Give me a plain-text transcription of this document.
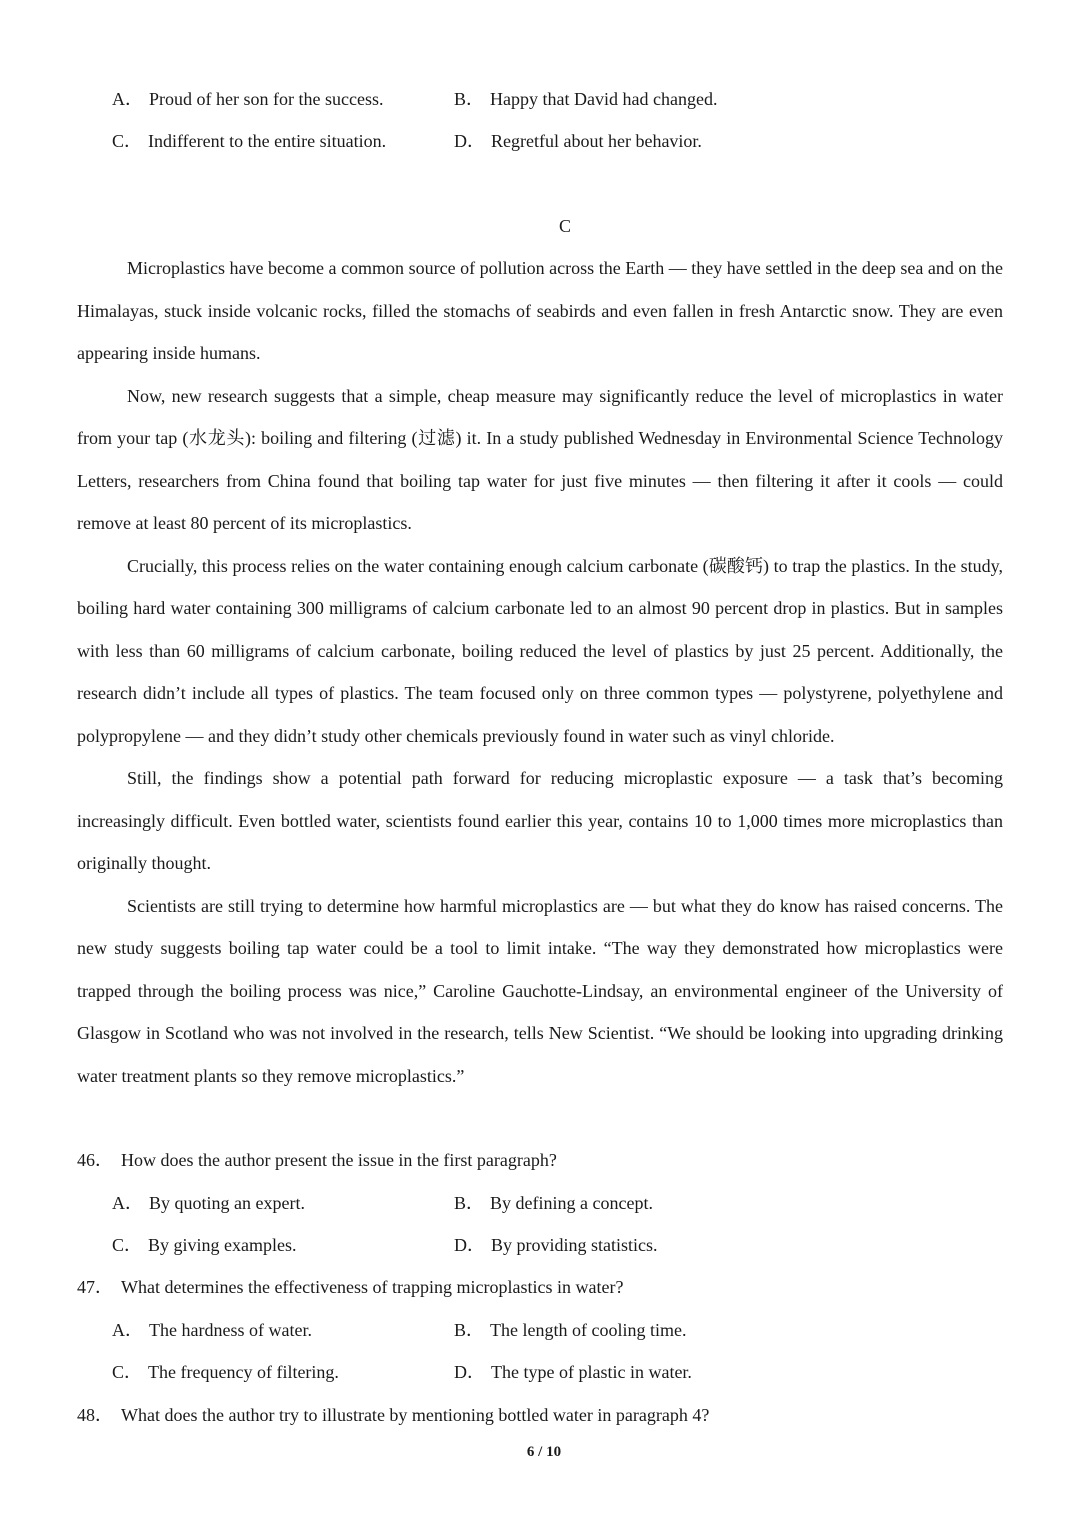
A． Proud of her son for the success.	B． Happy that David had changed.
C． Indifferent to the entire situation.	D． Regretful about her behavior.
C

Microplastics have become a common source of pollution across the Earth — they have settled in the deep sea and on the Himalayas, stuck inside volcanic rocks, filled the stomachs of seabirds and even fallen in fresh Antarctic snow. They are even appearing inside humans.

Now, new research suggests that a simple, cheap measure may significantly reduce the level of microplastics in water from your tap (水龙头): boiling and filtering (过滤) it. In a study published Wednesday in Environmental Science Technology Letters, researchers from China found that boiling tap water for just five minutes — then filtering it after it cools — could remove at least 80 percent of its microplastics.

Crucially, this process relies on the water containing enough calcium carbonate (碳酸钙) to trap the plastics. In the study, boiling hard water containing 300 milligrams of calcium carbonate led to an almost 90 percent drop in plastics. But in samples with less than 60 milligrams of calcium carbonate, boiling reduced the level of plastics by just 25 percent. Additionally, the research didn’t include all types of plastics. The team focused only on three common types — polystyrene, polyethylene and polypropylene — and they didn’t study other chemicals previously found in water such as vinyl chloride.

Still, the findings show a potential path forward for reducing microplastic exposure — a task that’s becoming increasingly difficult. Even bottled water, scientists found earlier this year, contains 10 to 1,000 times more microplastics than originally thought.

Scientists are still trying to determine how harmful microplastics are — but what they do know has raised concerns. The new study suggests boiling tap water could be a tool to limit intake. “The way they demonstrated how microplastics were trapped through the boiling process was nice,” Caroline Gauchotte-Lindsay, an environmental engineer of the University of Glasgow in Scotland who was not involved in the research, tells New Scientist. “We should be looking into upgrading drinking water treatment plants so they remove microplastics.”

46． How does the author present the issue in the first paragraph?
A． By quoting an expert.	B． By defining a concept.
C． By giving examples.	D． By providing statistics.
47． What determines the effectiveness of trapping microplastics in water?
A． The hardness of water.	B． The length of cooling time.
C． The frequency of filtering.	D． The type of plastic in water.
48． What does the author try to illustrate by mentioning bottled water in paragraph 4?
6 / 10
